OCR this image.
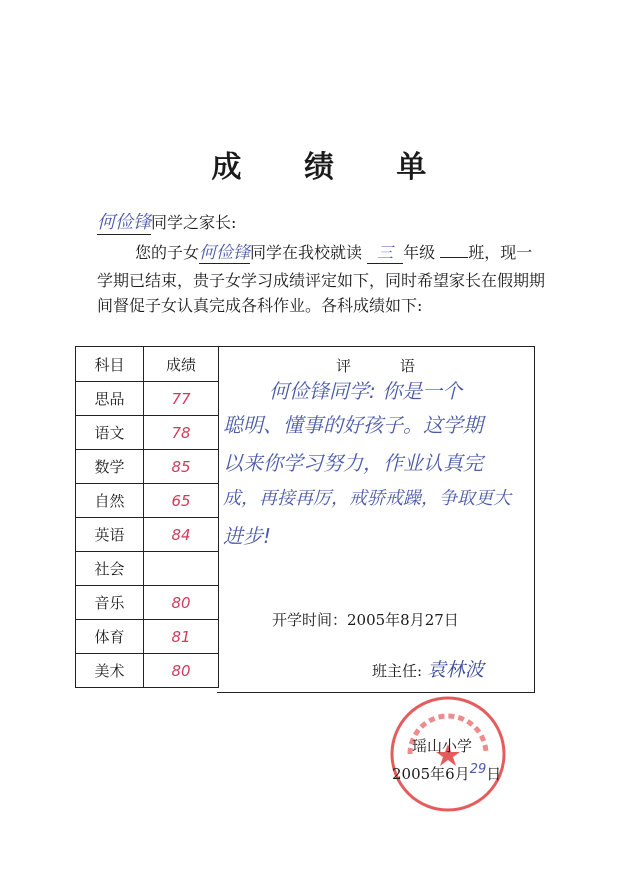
成 绩 单
何俭锋同学之家长:
您的子女何俭锋同学在我校就读 三 年级 班，现一
学期已结束，贵子女学习成绩评定如下，同时希望家长在假期期
间督促子女认真完成各科作业。各科成绩如下:
科目	成绩
思品	77
语文	78
数学	85
自然	65
英语	84
社会	
音乐	80
体育	81
美术	80
评 语
何俭锋同学: 你是一个
聪明、懂事的好孩子。这学期
以来你学习努力，作业认真完
成，再接再厉，戒骄戒躁，争取更大
进步!
开学时间：2005年8月27日
班主任: 袁林波
瑶山小学
2005年6月29日
